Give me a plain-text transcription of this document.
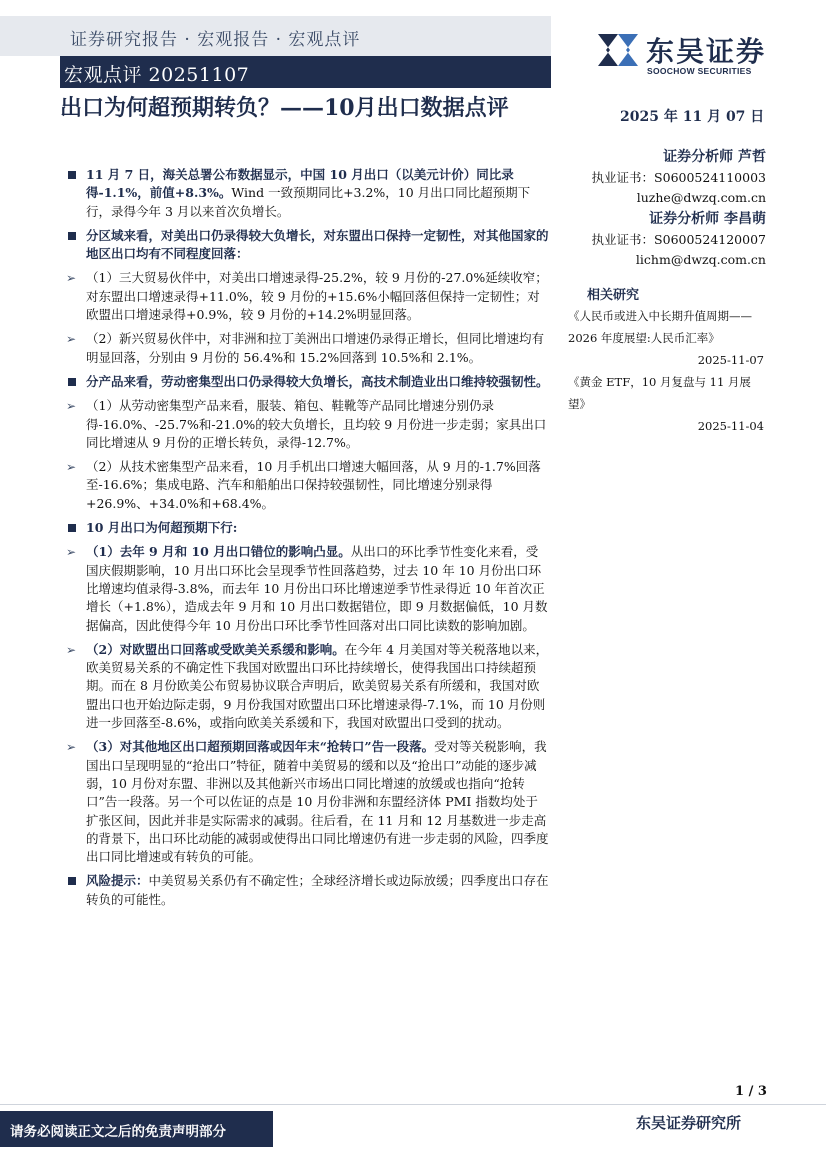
证券研究报告 · 宏观报告 · 宏观点评
宏观点评 20251107
东吴证券
SOOCHOW SECURITIES
出口为何超预期转负？——10月出口数据点评	2025 年 11 月 07 日
证券分析师 芦哲
执业证书：S0600524110003
luzhe@dwzq.com.cn
证券分析师 李昌萌
执业证书：S0600524120007
lichm@dwzq.com.cn
相关研究
《人民币或进入中长期升值周期——2026 年度展望:人民币汇率》
2025-11-07
《黄金 ETF，10 月复盘与 11 月展望》
2025-11-04
11 月 7 日，海关总署公布数据显示，中国 10 月出口（以美元计价）同比录得-1.1%，前值+8.3%。Wind 一致预期同比+3.2%，10 月出口同比超预期下行，录得今年 3 月以来首次负增长。
分区域来看，对美出口仍录得较大负增长，对东盟出口保持一定韧性，对其他国家的地区出口均有不同程度回落：
➢ （1）三大贸易伙伴中，对美出口增速录得-25.2%，较 9 月份的-27.0%延续收窄；对东盟出口增速录得+11.0%，较 9 月份的+15.6%小幅回落但保持一定韧性；对欧盟出口增速录得+0.9%，较 9 月份的+14.2%明显回落。
➢ （2）新兴贸易伙伴中，对非洲和拉丁美洲出口增速仍录得正增长，但同比增速均有明显回落，分别由 9 月份的 56.4%和 15.2%回落到 10.5%和 2.1%。
分产品来看，劳动密集型出口仍录得较大负增长，高技术制造业出口维持较强韧性。
➢ （1）从劳动密集型产品来看，服装、箱包、鞋靴等产品同比增速分别仍录得-16.0%、-25.7%和-21.0%的较大负增长，且均较 9 月份进一步走弱；家具出口同比增速从 9 月份的正增长转负，录得-12.7%。
➢ （2）从技术密集型产品来看，10 月手机出口增速大幅回落，从 9 月的-1.7%回落至-16.6%；集成电路、汽车和船舶出口保持较强韧性，同比增速分别录得+26.9%、+34.0%和+68.4%。
10 月出口为何超预期下行:
➢ （1）去年 9 月和 10 月出口错位的影响凸显。从出口的环比季节性变化来看，受国庆假期影响，10 月出口环比会呈现季节性回落趋势，过去 10 年 10 月份出口环比增速均值录得-3.8%，而去年 10 月份出口环比增速逆季节性录得近 10 年首次正增长（+1.8%），造成去年 9 月和 10 月出口数据错位，即 9 月数据偏低，10 月数据偏高，因此使得今年 10 月份出口环比季节性回落对出口同比读数的影响加剧。
➢ （2）对欧盟出口回落或受欧美关系缓和影响。在今年 4 月美国对等关税落地以来，欧美贸易关系的不确定性下我国对欧盟出口环比持续增长，使得我国出口持续超预期。而在 8 月份欧美公布贸易协议联合声明后，欧美贸易关系有所缓和，我国对欧盟出口也开始边际走弱，9 月份我国对欧盟出口环比增速录得-7.1%，而 10 月份则进一步回落至-8.6%，或指向欧美关系缓和下，我国对欧盟出口受到的扰动。
➢ （3）对其他地区出口超预期回落或因年末“抢转口”告一段落。受对等关税影响，我国出口呈现明显的“抢出口”特征，随着中美贸易的缓和以及“抢出口”动能的逐步减弱，10 月份对东盟、非洲以及其他新兴市场出口同比增速的放缓或也指向“抢转口”告一段落。另一个可以佐证的点是 10 月份非洲和东盟经济体 PMI 指数均处于扩张区间，因此并非是实际需求的减弱。往后看，在 11 月和 12 月基数进一步走高的背景下，出口环比动能的减弱或使得出口同比增速仍有进一步走弱的风险，四季度出口同比增速或有转负的可能。
风险提示：中美贸易关系仍有不确定性；全球经济增长或边际放缓；四季度出口存在转负的可能性。
1 / 3
请务必阅读正文之后的免责声明部分	东吴证券研究所
